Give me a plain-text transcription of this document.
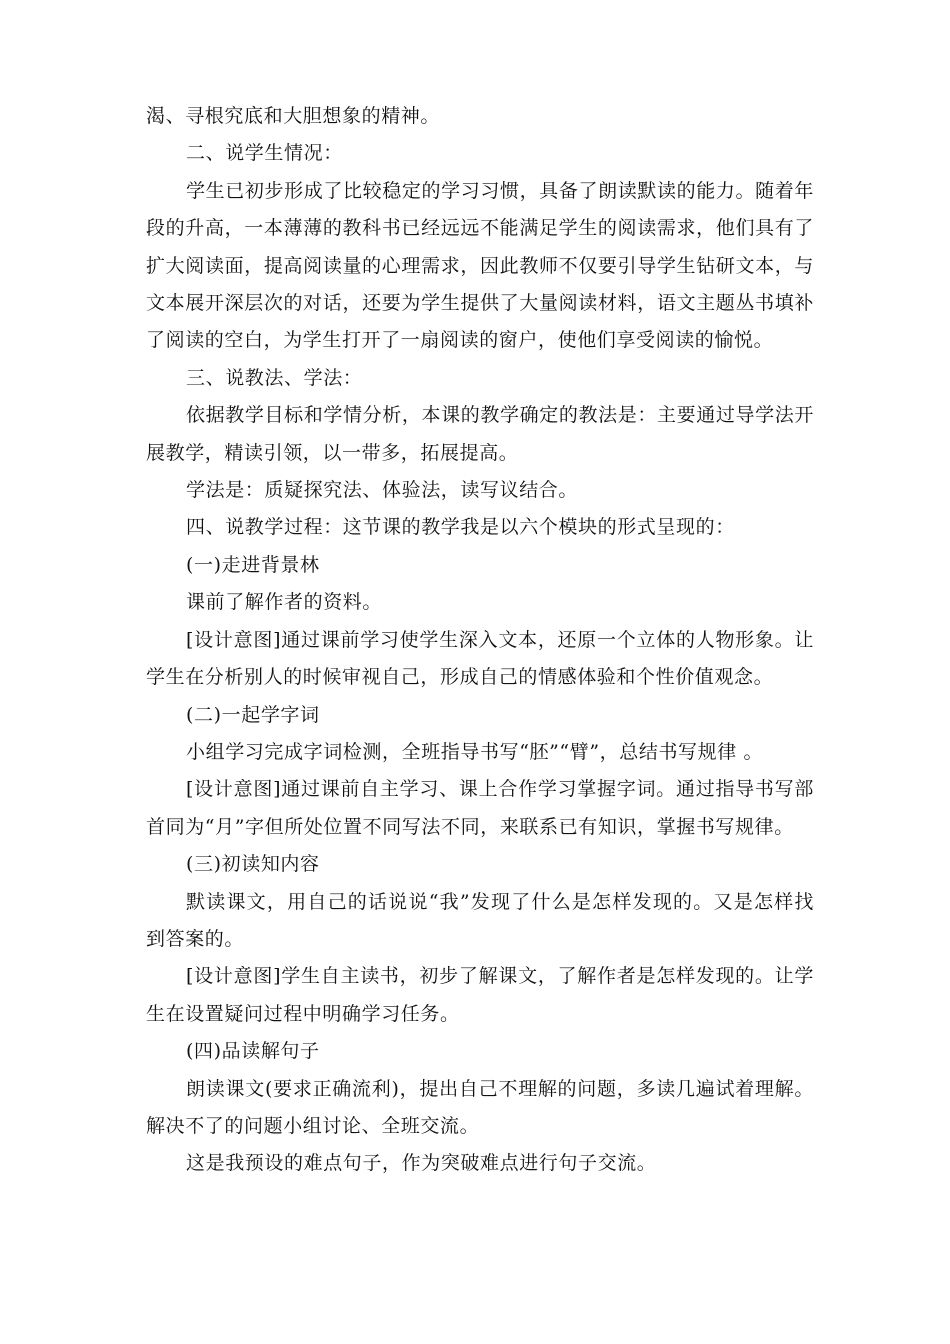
渴、寻根究底和大胆想象的精神。

二、说学生情况：

学生已初步形成了比较稳定的学习习惯，具备了朗读默读的能力。随着年段的升高，一本薄薄的教科书已经远远不能满足学生的阅读需求，他们具有了扩大阅读面，提高阅读量的心理需求，因此教师不仅要引导学生钻研文本，与文本展开深层次的对话，还要为学生提供了大量阅读材料，语文主题丛书填补了阅读的空白，为学生打开了一扇阅读的窗户，使他们享受阅读的愉悦。

三、说教法、学法：

依据教学目标和学情分析，本课的教学确定的教法是：主要通过导学法开展教学，精读引领，以一带多，拓展提高。

学法是：质疑探究法、体验法，读写议结合。

四、说教学过程：这节课的教学我是以六个模块的形式呈现的：

(一)走进背景林

课前了解作者的资料。

[设计意图]通过课前学习使学生深入文本，还原一个立体的人物形象。让学生在分析别人的时候审视自己，形成自己的情感体验和个性价值观念。

(二)一起学字词

小组学习完成字词检测，全班指导书写“胚”“臂”，总结书写规律 。

[设计意图]通过课前自主学习、课上合作学习掌握字词。通过指导书写部首同为“月”字但所处位置不同写法不同，来联系已有知识，掌握书写规律。

(三)初读知内容

默读课文，用自己的话说说“我”发现了什么是怎样发现的。又是怎样找到答案的。

[设计意图]学生自主读书，初步了解课文，了解作者是怎样发现的。让学生在设置疑问过程中明确学习任务。

(四)品读解句子

朗读课文(要求正确流利)，提出自己不理解的问题，多读几遍试着理解。解决不了的问题小组讨论、全班交流。

这是我预设的难点句子，作为突破难点进行句子交流。
